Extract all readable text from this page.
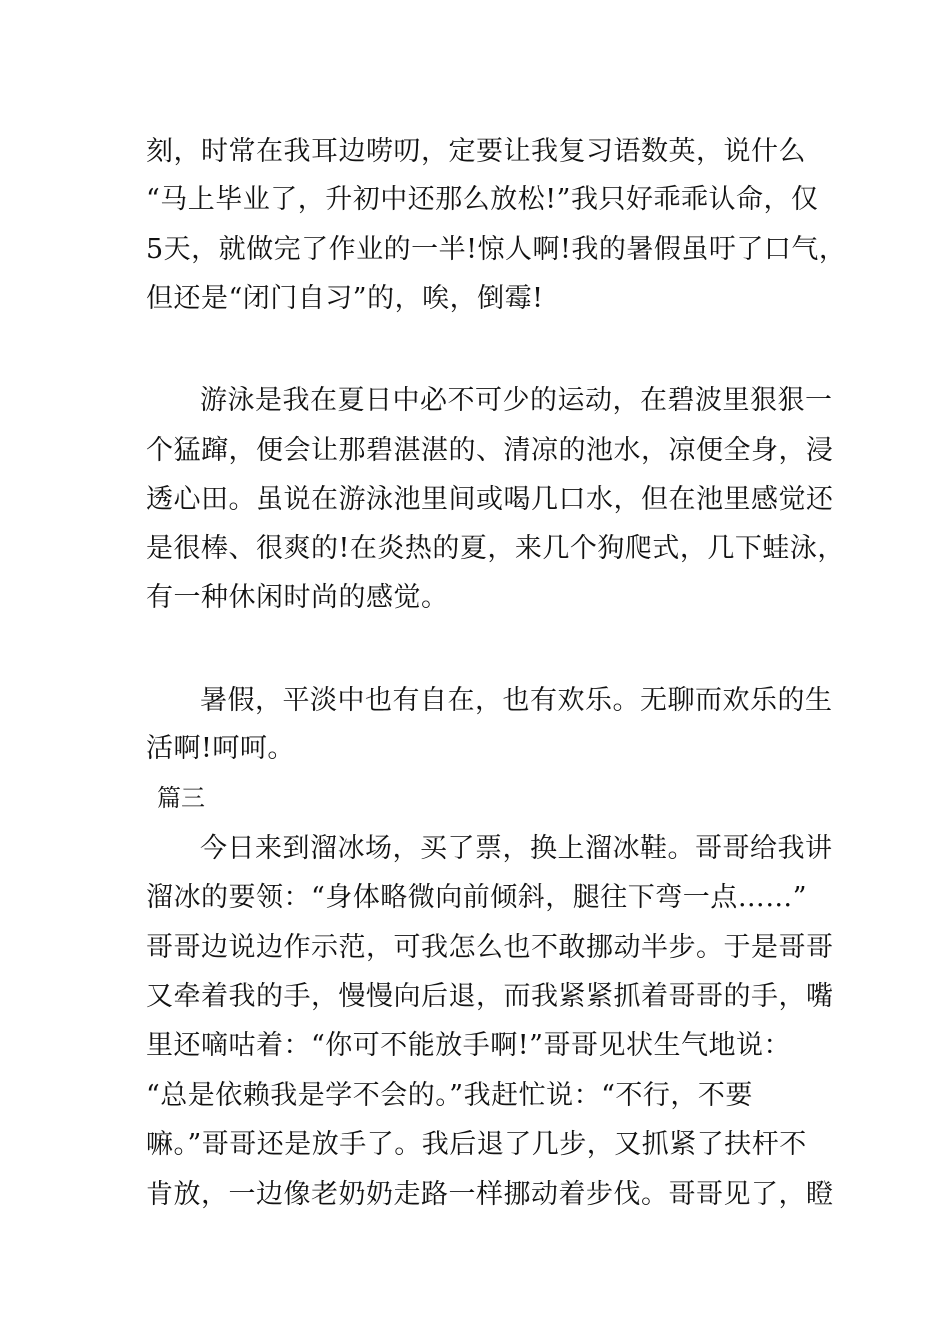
刻，时常在我耳边唠叨，定要让我复习语数英，说什么
“马上毕业了，升初中还那么放松!”我只好乖乖认命，仅
5天，就做完了作业的一半!惊人啊!我的暑假虽吁了口气，
但还是“闭门自习”的，唉，倒霉!
游泳是我在夏日中必不可少的运动，在碧波里狠狠一
个猛蹿，便会让那碧湛湛的、清凉的池水，凉便全身，浸
透心田。虽说在游泳池里间或喝几口水，但在池里感觉还
是很棒、很爽的!在炎热的夏，来几个狗爬式，几下蛙泳，
有一种休闲时尚的感觉。
暑假，平淡中也有自在，也有欢乐。无聊而欢乐的生
活啊!呵呵。
篇三
今日来到溜冰场，买了票，换上溜冰鞋。哥哥给我讲
溜冰的要领：“身体略微向前倾斜，腿往下弯一点……”
哥哥边说边作示范，可我怎么也不敢挪动半步。于是哥哥
又牵着我的手，慢慢向后退，而我紧紧抓着哥哥的手，嘴
里还嘀咕着：“你可不能放手啊!”哥哥见状生气地说：
“总是依赖我是学不会的。”我赶忙说：“不行，不要
嘛。”哥哥还是放手了。我后退了几步，又抓紧了扶杆不
肯放，一边像老奶奶走路一样挪动着步伐。哥哥见了，瞪
